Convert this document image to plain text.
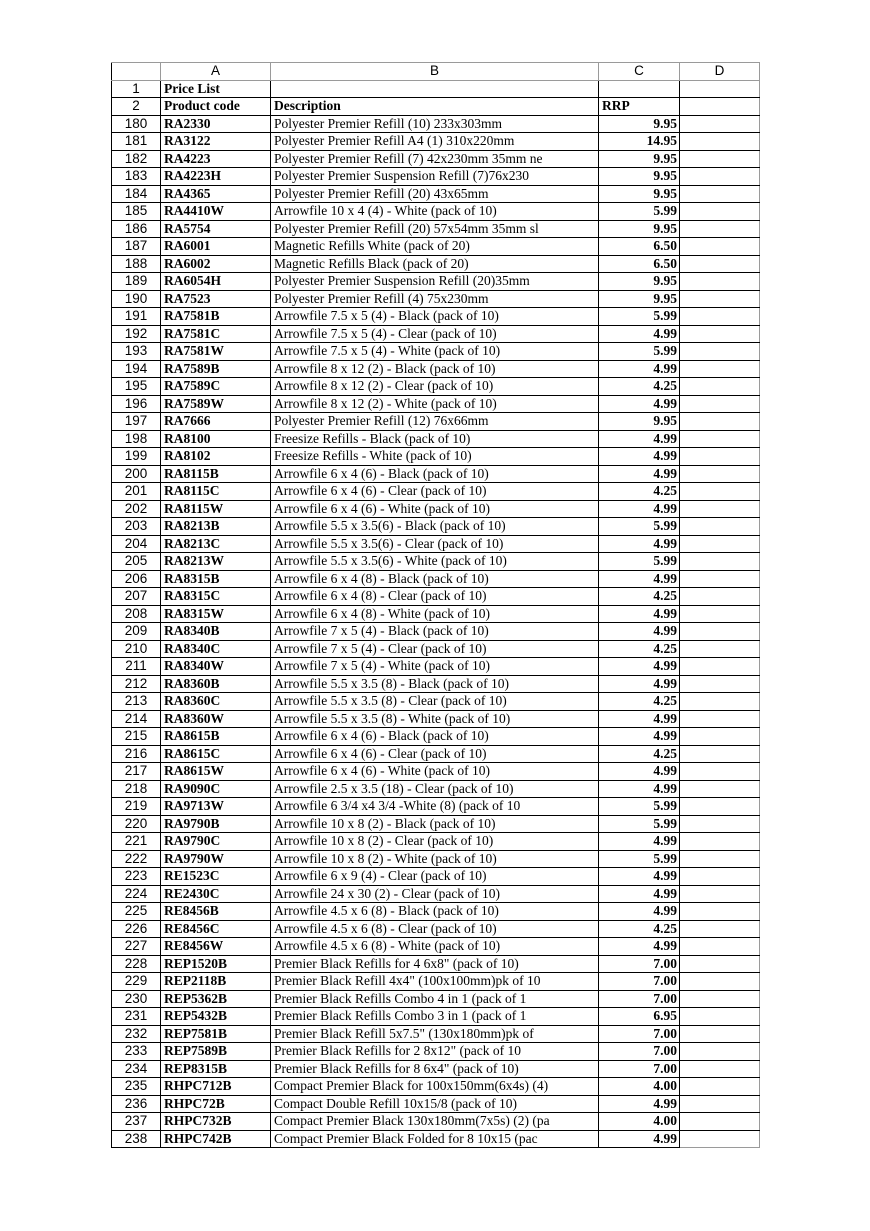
	A	B	C	D
1	Price List			
2	Product code	Description	RRP	
180	RA2330	Polyester Premier Refill (10) 233x303mm	9.95	
181	RA3122	Polyester Premier Refill A4 (1) 310x220mm	14.95	
182	RA4223	Polyester Premier Refill (7) 42x230mm 35mm ne	9.95	
183	RA4223H	Polyester Premier Suspension Refill (7)76x230	9.95	
184	RA4365	Polyester Premier Refill (20) 43x65mm	9.95	
185	RA4410W	Arrowfile 10 x 4 (4) - White (pack of 10)	5.99	
186	RA5754	Polyester Premier Refill (20) 57x54mm 35mm sl	9.95	
187	RA6001	Magnetic Refills White (pack of 20)	6.50	
188	RA6002	Magnetic Refills Black (pack of 20)	6.50	
189	RA6054H	Polyester Premier Suspension Refill (20)35mm	9.95	
190	RA7523	Polyester Premier Refill (4) 75x230mm	9.95	
191	RA7581B	Arrowfile 7.5 x 5 (4) - Black (pack of 10)	5.99	
192	RA7581C	Arrowfile 7.5 x 5 (4) - Clear (pack of 10)	4.99	
193	RA7581W	Arrowfile 7.5 x 5 (4) - White (pack of 10)	5.99	
194	RA7589B	Arrowfile 8 x 12 (2) - Black (pack of 10)	4.99	
195	RA7589C	Arrowfile 8 x 12 (2) - Clear (pack of 10)	4.25	
196	RA7589W	Arrowfile 8 x 12 (2) - White (pack of 10)	4.99	
197	RA7666	Polyester Premier Refill (12) 76x66mm	9.95	
198	RA8100	Freesize Refills - Black (pack of 10)	4.99	
199	RA8102	Freesize Refills - White (pack of 10)	4.99	
200	RA8115B	Arrowfile 6 x 4 (6) - Black (pack of 10)	4.99	
201	RA8115C	Arrowfile 6 x 4 (6) - Clear (pack of 10)	4.25	
202	RA8115W	Arrowfile 6 x 4 (6) - White (pack of 10)	4.99	
203	RA8213B	Arrowfile 5.5 x 3.5(6) - Black (pack of 10)	5.99	
204	RA8213C	Arrowfile 5.5 x 3.5(6) - Clear (pack of 10)	4.99	
205	RA8213W	Arrowfile 5.5 x 3.5(6) - White (pack of 10)	5.99	
206	RA8315B	Arrowfile 6 x 4 (8) - Black (pack of 10)	4.99	
207	RA8315C	Arrowfile 6 x 4 (8) - Clear (pack of 10)	4.25	
208	RA8315W	Arrowfile 6 x 4 (8) - White (pack of 10)	4.99	
209	RA8340B	Arrowfile 7 x 5 (4) - Black (pack of 10)	4.99	
210	RA8340C	Arrowfile 7 x 5 (4) - Clear (pack of 10)	4.25	
211	RA8340W	Arrowfile 7 x 5 (4) - White (pack of 10)	4.99	
212	RA8360B	Arrowfile 5.5 x 3.5 (8) - Black (pack of 10)	4.99	
213	RA8360C	Arrowfile 5.5 x 3.5 (8) - Clear (pack of 10)	4.25	
214	RA8360W	Arrowfile 5.5 x 3.5 (8) - White (pack of 10)	4.99	
215	RA8615B	Arrowfile 6 x 4 (6) - Black (pack of 10)	4.99	
216	RA8615C	Arrowfile 6 x 4 (6) - Clear (pack of 10)	4.25	
217	RA8615W	Arrowfile 6 x 4 (6) - White (pack of 10)	4.99	
218	RA9090C	Arrowfile 2.5 x 3.5 (18) - Clear (pack of 10)	4.99	
219	RA9713W	Arrowfile 6 3/4 x4 3/4 -White (8) (pack of 10	5.99	
220	RA9790B	Arrowfile 10 x 8 (2) - Black (pack of 10)	5.99	
221	RA9790C	Arrowfile 10 x 8 (2) - Clear (pack of 10)	4.99	
222	RA9790W	Arrowfile 10 x 8 (2) - White (pack of 10)	5.99	
223	RE1523C	Arrowfile 6 x 9 (4) - Clear (pack of 10)	4.99	
224	RE2430C	Arrowfile 24 x 30 (2) - Clear (pack of 10)	4.99	
225	RE8456B	Arrowfile 4.5 x 6 (8) - Black (pack of 10)	4.99	
226	RE8456C	Arrowfile 4.5 x 6 (8) - Clear (pack of 10)	4.25	
227	RE8456W	Arrowfile 4.5 x 6 (8) - White (pack of 10)	4.99	
228	REP1520B	Premier Black Refills for 4 6x8" (pack of 10)	7.00	
229	REP2118B	Premier Black Refill 4x4" (100x100mm)pk of 10	7.00	
230	REP5362B	Premier Black Refills Combo 4 in 1 (pack of 1	7.00	
231	REP5432B	Premier Black Refills Combo 3 in 1 (pack of 1	6.95	
232	REP7581B	Premier Black Refill 5x7.5" (130x180mm)pk of	7.00	
233	REP7589B	Premier Black Refills for 2 8x12" (pack of 10	7.00	
234	REP8315B	Premier Black Refills for 8 6x4" (pack of 10)	7.00	
235	RHPC712B	Compact Premier Black for 100x150mm(6x4s) (4)	4.00	
236	RHPC72B	Compact Double Refill 10x15/8 (pack of 10)	4.99	
237	RHPC732B	Compact Premier Black 130x180mm(7x5s) (2) (pa	4.00	
238	RHPC742B	Compact Premier Black Folded for 8 10x15 (pac	4.99	
